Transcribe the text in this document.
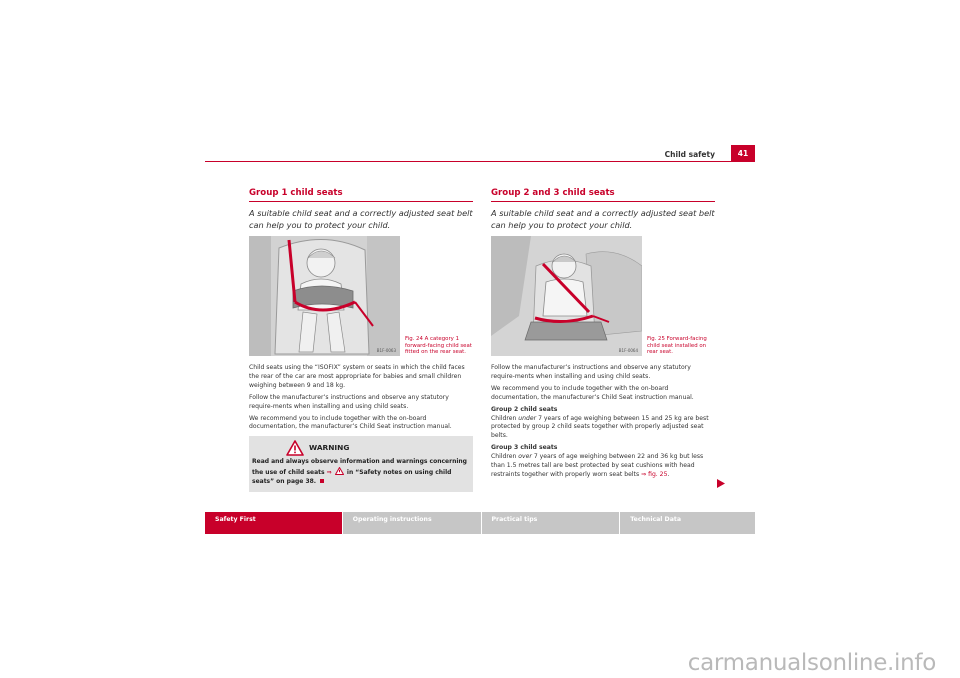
Child safety	41
Group 1 child seats
A suitable child seat and a correctly adjusted seat belt can help you to protect your child.
B1F-0063
Fig. 24 A category 1 forward-facing child seat fitted on the rear seat.

Child seats using the “ISOFIX” system or seats in which the child faces the rear of the car are most appropriate for babies and small children weighing between 9 and 18 kg.

Follow the manufacturer’s instructions and observe any statutory require-ments when installing and using child seats.

We recommend you to include together with the on-board documentation, the manufacturer’s Child Seat instruction manual.

WARNING
Read and always observe information and warnings concerning the use of child seats ⇒	in “Safety notes on using child seats” on page 38.
Group 2 and 3 child seats
A suitable child seat and a correctly adjusted seat belt can help you to protect your child.
B1F-0064
Fig. 25 Forward-facing child seat installed on rear seat.

Follow the manufacturer’s instructions and observe any statutory require-ments when installing and using child seats.

We recommend you to include together with the on-board documentation, the manufacturer’s Child Seat instruction manual.

Group 2 child seats

Children under 7 years of age weighing between 15 and 25 kg are best protected by group 2 child seats together with properly adjusted seat belts.

Group 3 child seats

Children over 7 years of age weighing between 22 and 36 kg but less than 1.5 metres tall are best protected by seat cushions with head restraints together with properly worn seat belts ⇒ fig. 25.

Safety First	Operating instructions	Practical tips	Technical Data
carmanualsonline.info
